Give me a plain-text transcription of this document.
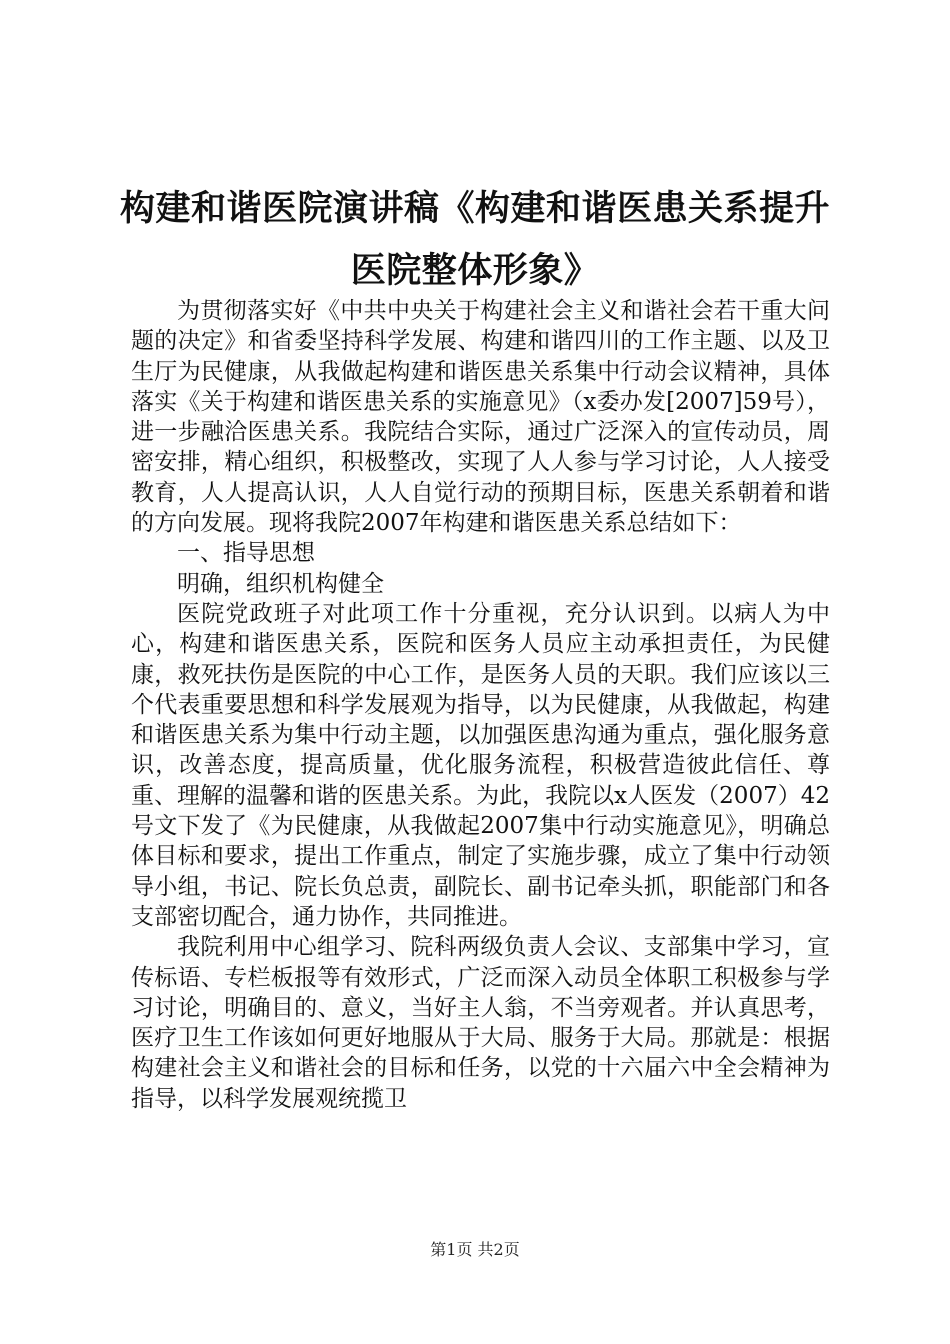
构建和谐医院演讲稿《构建和谐医患关系提升
医院整体形象》

为贯彻落实好《中共中央关于构建社会主义和谐社会若干重大问题的决定》和省委坚持科学发展、构建和谐四川的工作主题、以及卫生厅为民健康，从我做起构建和谐医患关系集中行动会议精神，具体落实《关于构建和谐医患关系的实施意见》（x委办发[2007]59号），进一步融洽医患关系。我院结合实际，通过广泛深入的宣传动员，周密安排，精心组织，积极整改，实现了人人参与学习讨论，人人接受教育，人人提高认识，人人自觉行动的预期目标，医患关系朝着和谐的方向发展。现将我院2007年构建和谐医患关系总结如下：

一、指导思想

明确，组织机构健全

医院党政班子对此项工作十分重视，充分认识到。以病人为中心，构建和谐医患关系，医院和医务人员应主动承担责任，为民健康，救死扶伤是医院的中心工作，是医务人员的天职。我们应该以三个代表重要思想和科学发展观为指导，以为民健康，从我做起，构建和谐医患关系为集中行动主题，以加强医患沟通为重点，强化服务意识，改善态度，提高质量，优化服务流程，积极营造彼此信任、尊重、理解的温馨和谐的医患关系。为此，我院以x人医发（2007）42号文下发了《为民健康，从我做起2007集中行动实施意见》，明确总体目标和要求，提出工作重点，制定了实施步骤，成立了集中行动领导小组，书记、院长负总责，副院长、副书记牵头抓，职能部门和各支部密切配合，通力协作，共同推进。

我院利用中心组学习、院科两级负责人会议、支部集中学习，宣传标语、专栏板报等有效形式，广泛而深入动员全体职工积极参与学习讨论，明确目的、意义，当好主人翁，不当旁观者。并认真思考，医疗卫生工作该如何更好地服从于大局、服务于大局。那就是：根据构建社会主义和谐社会的目标和任务，以党的十六届六中全会精神为指导，以科学发展观统揽卫

第1页 共2页
